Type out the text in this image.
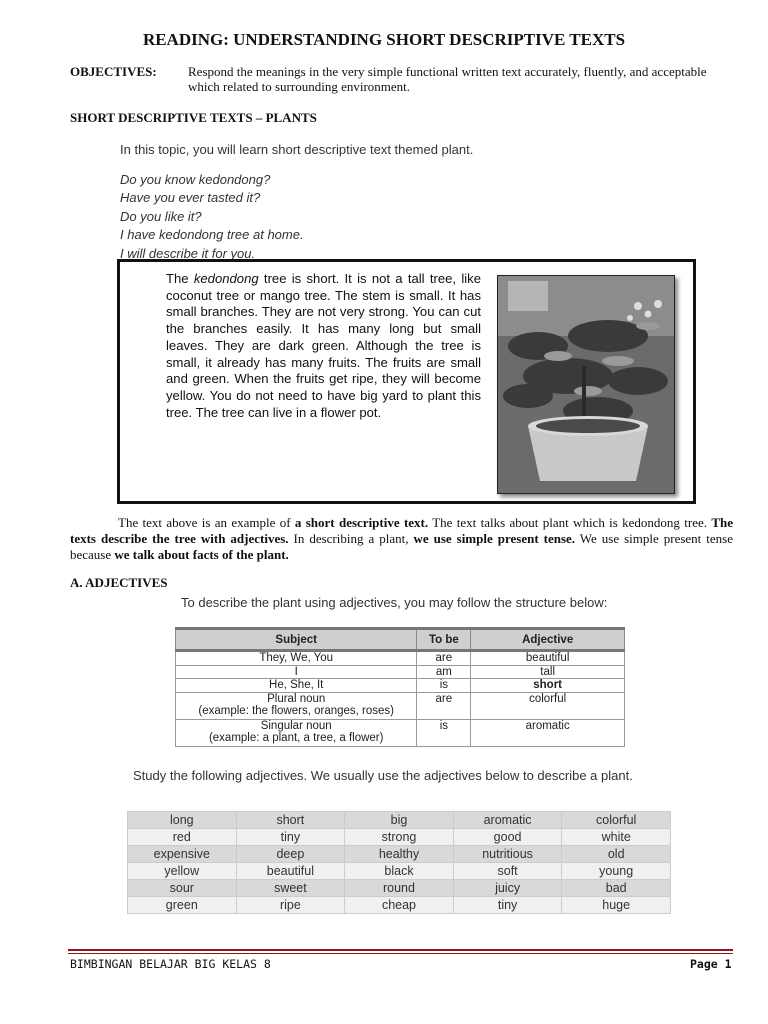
READING: UNDERSTANDING SHORT DESCRIPTIVE TEXTS
OBJECTIVES: Respond the meanings in the very simple functional written text accurately, fluently, and acceptable which related to surrounding environment.
SHORT DESCRIPTIVE TEXTS – PLANTS
In this topic, you will learn short descriptive text themed plant.
Do you know kedondong?
Have you ever tasted it?
Do you like it?
I have kedondong tree at home.
I will describe it for you.
The kedondong tree is short. It is not a tall tree, like coconut tree or mango tree. The stem is small. It has small branches. They are not very strong. You can cut the branches easily. It has many long but small leaves. They are dark green. Although the tree is small, it already has many fruits. The fruits are small and green. When the fruits get ripe, they will become yellow. You do not need to have big yard to plant this tree. The tree can live in a flower pot.
The text above is an example of a short descriptive text. The text talks about plant which is kedondong tree. The texts describe the tree with adjectives. In describing a plant, we use simple present tense. We use simple present tense because we talk about facts of the plant.
A. ADJECTIVES
To describe the plant using adjectives, you may follow the structure below:
Subject	To be	Adjective
They, We, You	are	beautiful
I	am	tall
He, She, It	is	short

Plural noun
(example: the flowers, oranges, roses)	are	colorful

Singular noun
(example: a plant, a tree, a flower)	is	aromatic
Study the following adjectives. We usually use the adjectives below to describe a plant.
long	short	big	aromatic	colorful
red	tiny	strong	good	white
expensive	deep	healthy	nutritious	old
yellow	beautiful	black	soft	young
sour	sweet	round	juicy	bad
green	ripe	cheap	tiny	huge
BIMBINGAN BELAJAR BIG KELAS 8	Page 1
